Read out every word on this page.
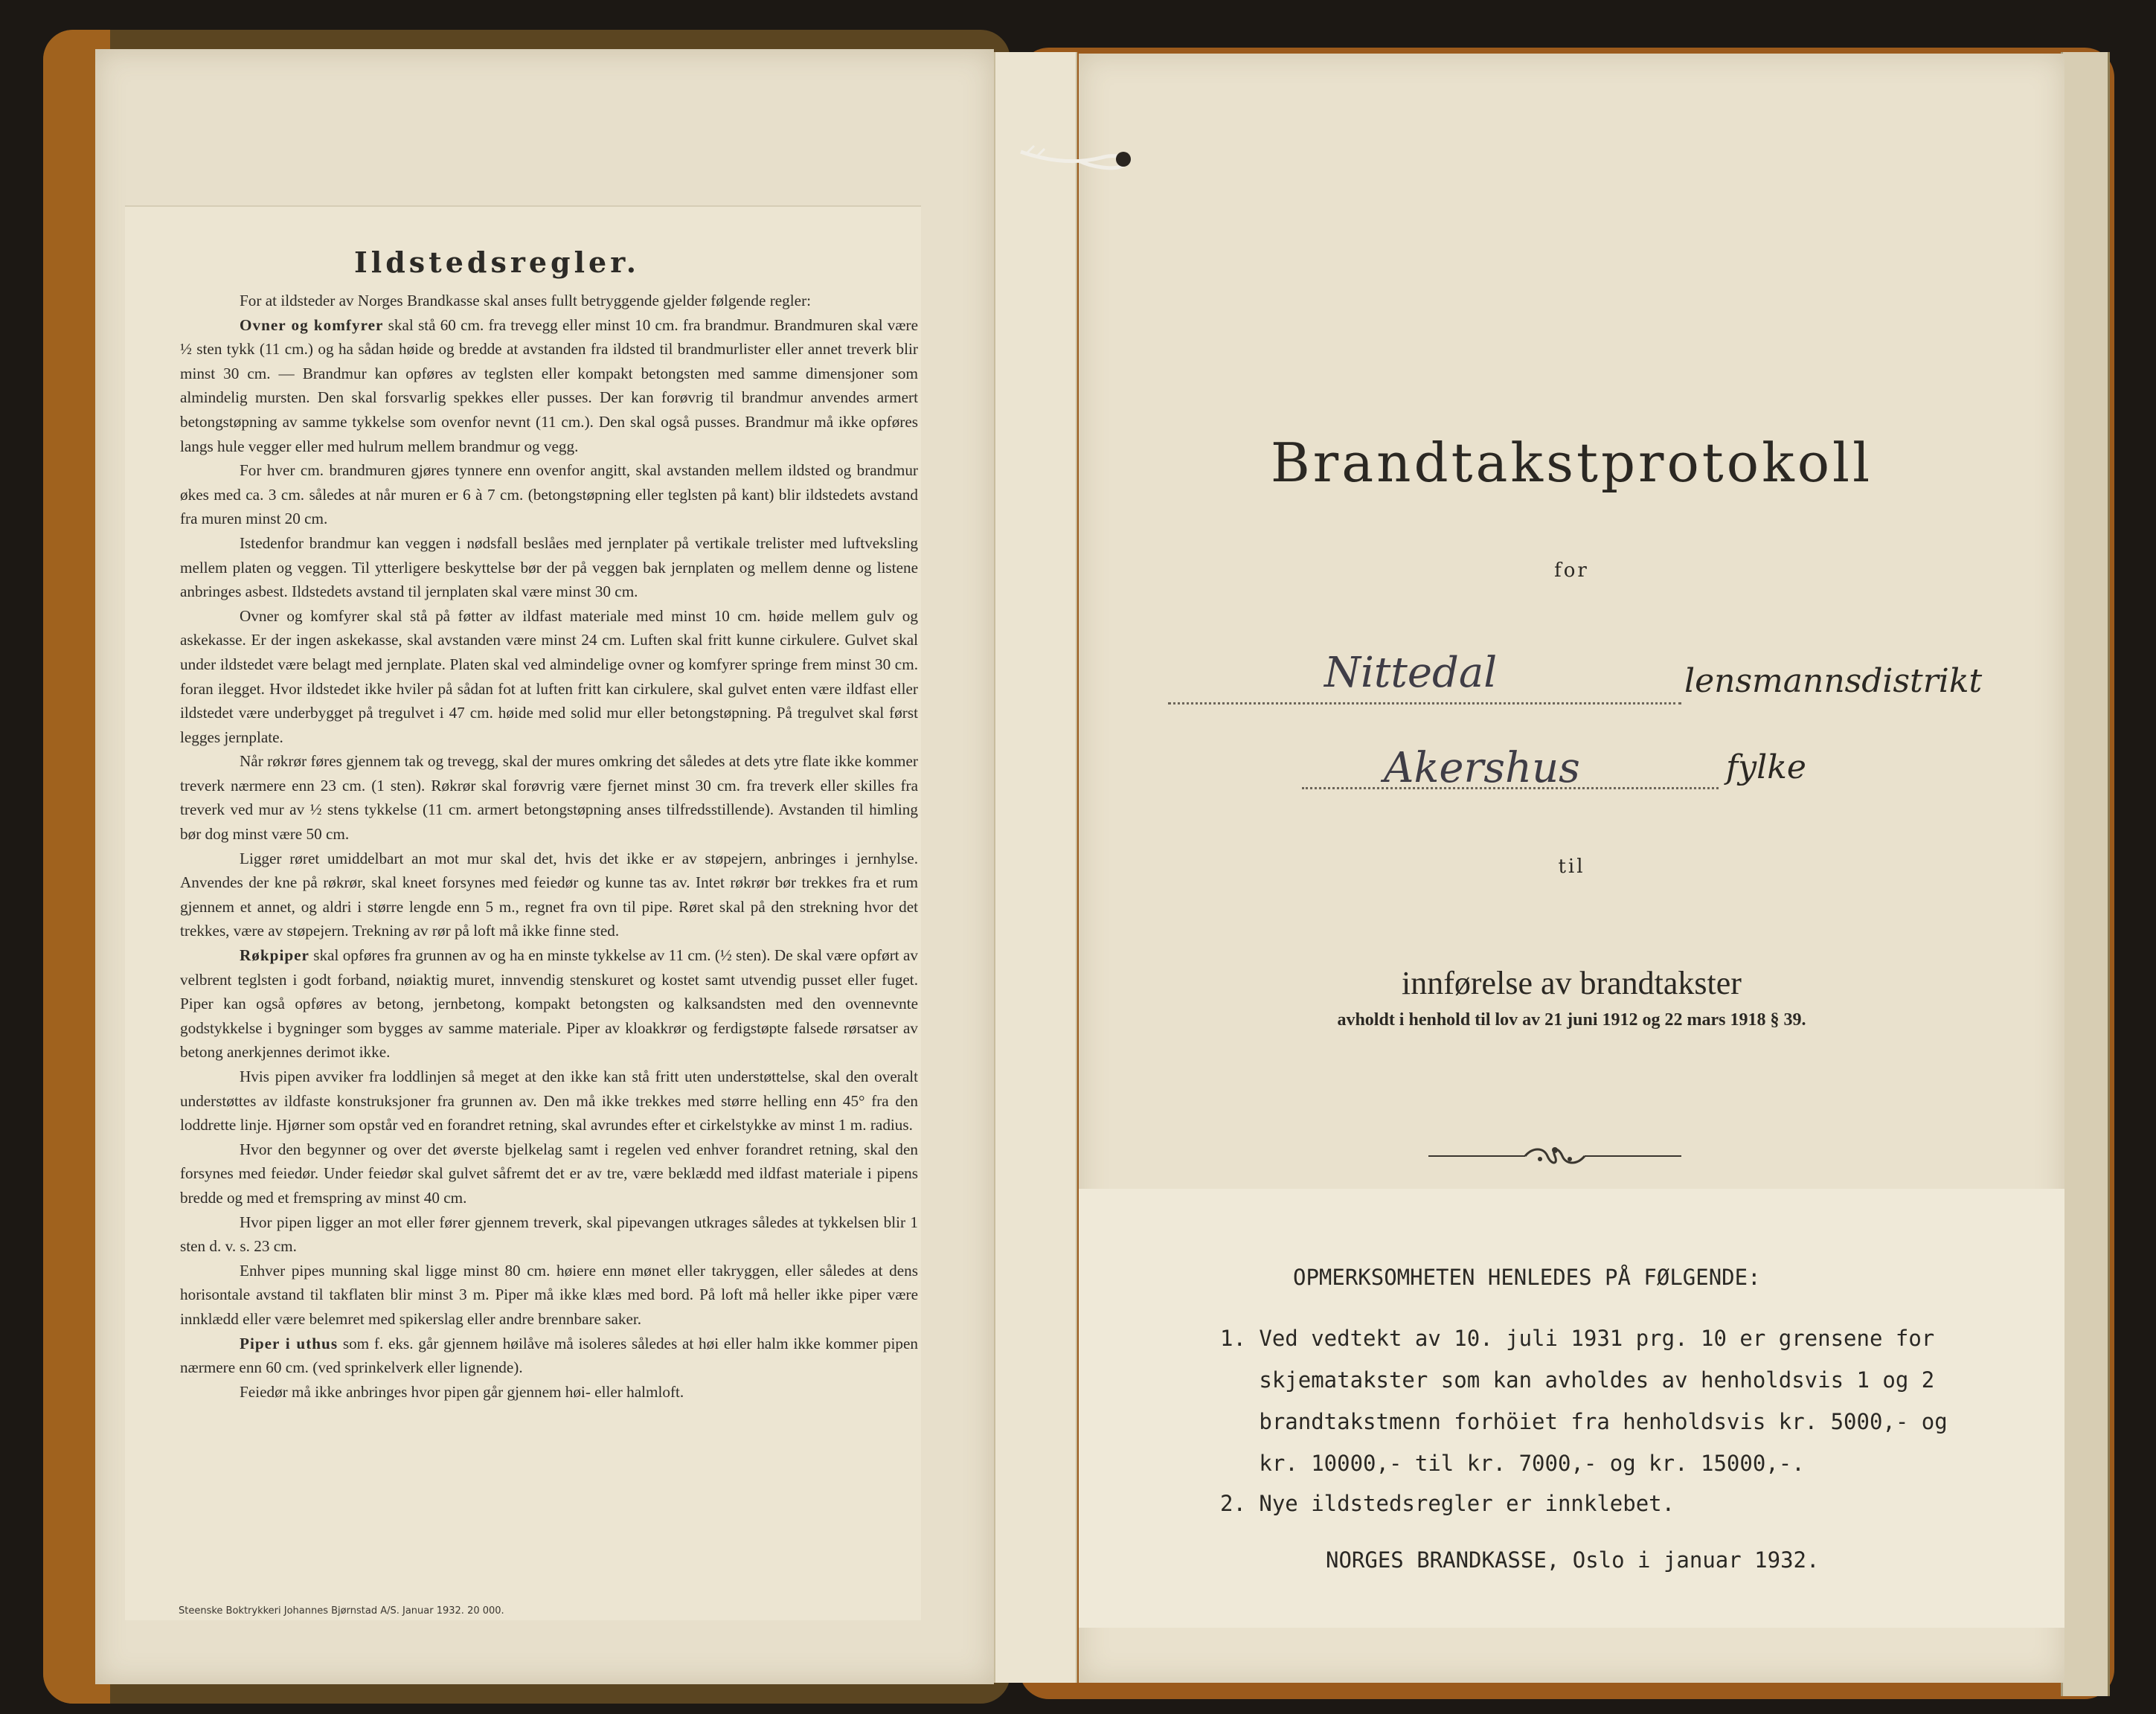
Ildstedsregler.

For at ildsteder av Norges Brandkasse skal anses fullt betryggende gjelder følgende regler:

Ovner og komfyrer skal stå 60 cm. fra trevegg eller minst 10 cm. fra brandmur. Brandmuren skal være ½ sten tykk (11 cm.) og ha sådan høide og bredde at avstanden fra ildsted til brandmurlister eller annet treverk blir minst 30 cm. — Brandmur kan opføres av teglsten eller kompakt betongsten med samme dimensjoner som almindelig mursten. Den skal forsvarlig spekkes eller pusses. Der kan forøvrig til brandmur anvendes armert betongstøpning av samme tykkelse som ovenfor nevnt (11 cm.). Den skal også pusses. Brandmur må ikke opføres langs hule vegger eller med hulrum mellem brandmur og vegg.

For hver cm. brandmuren gjøres tynnere enn ovenfor angitt, skal avstanden mellem ildsted og brandmur økes med ca. 3 cm. således at når muren er 6 à 7 cm. (betongstøpning eller teglsten på kant) blir ildstedets avstand fra muren minst 20 cm.

Istedenfor brandmur kan veggen i nødsfall beslåes med jernplater på vertikale trelister med luftveksling mellem platen og veggen. Til ytterligere beskyttelse bør der på veggen bak jernplaten og mellem denne og listene anbringes asbest. Ildstedets avstand til jernplaten skal være minst 30 cm.

Ovner og komfyrer skal stå på føtter av ildfast materiale med minst 10 cm. høide mellem gulv og askekasse. Er der ingen askekasse, skal avstanden være minst 24 cm. Luften skal fritt kunne cirkulere. Gulvet skal under ildstedet være belagt med jernplate. Platen skal ved almindelige ovner og komfyrer springe frem minst 30 cm. foran ilegget. Hvor ildstedet ikke hviler på sådan fot at luften fritt kan cirkulere, skal gulvet enten være ildfast eller ildstedet være underbygget på tregulvet i 47 cm. høide med solid mur eller betongstøpning. På tregulvet skal først legges jernplate.

Når røkrør føres gjennem tak og trevegg, skal der mures omkring det således at dets ytre flate ikke kommer treverk nærmere enn 23 cm. (1 sten). Røkrør skal forøvrig være fjernet minst 30 cm. fra treverk eller skilles fra treverk ved mur av ½ stens tykkelse (11 cm. armert betongstøpning anses tilfredsstillende). Avstanden til himling bør dog minst være 50 cm.

Ligger røret umiddelbart an mot mur skal det, hvis det ikke er av støpejern, anbringes i jernhylse. Anvendes der kne på røkrør, skal kneet forsynes med feiedør og kunne tas av. Intet røkrør bør trekkes fra et rum gjennem et annet, og aldri i større lengde enn 5 m., regnet fra ovn til pipe. Røret skal på den strekning hvor det trekkes, være av støpejern. Trekning av rør på loft må ikke finne sted.

Røkpiper skal opføres fra grunnen av og ha en minste tykkelse av 11 cm. (½ sten). De skal være opført av velbrent teglsten i godt forband, nøiaktig muret, innvendig stenskuret og kostet samt utvendig pusset eller fuget. Piper kan også opføres av betong, jernbetong, kompakt betongsten og kalksandsten med den ovennevnte godstykkelse i bygninger som bygges av samme materiale. Piper av kloakkrør og ferdigstøpte falsede rørsatser av betong anerkjennes derimot ikke.

Hvis pipen avviker fra loddlinjen så meget at den ikke kan stå fritt uten understøttelse, skal den overalt understøttes av ildfaste konstruksjoner fra grunnen av. Den må ikke trekkes med større helling enn 45° fra den loddrette linje. Hjørner som opstår ved en forandret retning, skal avrundes efter et cirkelstykke av minst 1 m. radius.

Hvor den begynner og over det øverste bjelkelag samt i regelen ved enhver forandret retning, skal den forsynes med feiedør. Under feiedør skal gulvet såfremt det er av tre, være beklædd med ildfast materiale i pipens bredde og med et fremspring av minst 40 cm.

Hvor pipen ligger an mot eller fører gjennem treverk, skal pipevangen utkrages således at tykkelsen blir 1 sten d. v. s. 23 cm.

Enhver pipes munning skal ligge minst 80 cm. høiere enn mønet eller takryggen, eller således at dens horisontale avstand til takflaten blir minst 3 m. Piper må ikke klæs med bord. På loft må heller ikke piper være innklædd eller være belemret med spikerslag eller andre brennbare saker.

Piper i uthus som f. eks. går gjennem høilåve må isoleres således at høi eller halm ikke kommer pipen nærmere enn 60 cm. (ved sprinkelverk eller lignende).

Feiedør må ikke anbringes hvor pipen går gjennem høi- eller halmloft.

Steenske Boktrykkeri Johannes Bjørnstad A/S. Januar 1932. 20 000.
Brandtakstprotokoll
for
Nittedal	lensmannsdistrikt
Akershus	fylke
til
innførelse av brandtakster
avholdt i henhold til lov av 21 juni 1912 og 22 mars 1918 § 39.
OPMERKSOMHETEN HENLEDES PÅ FØLGENDE:
1. Ved vedtekt av 10. juli 1931 prg. 10 er grensene for
skjematakster som kan avholdes av henholdsvis 1 og 2
brandtakstmenn forhöiet fra henholdsvis kr. 5000,- og
kr. 10000,- til kr. 7000,- og kr. 15000,-.
2. Nye ildstedsregler er innklebet.
NORGES BRANDKASSE, Oslo i januar 1932.
